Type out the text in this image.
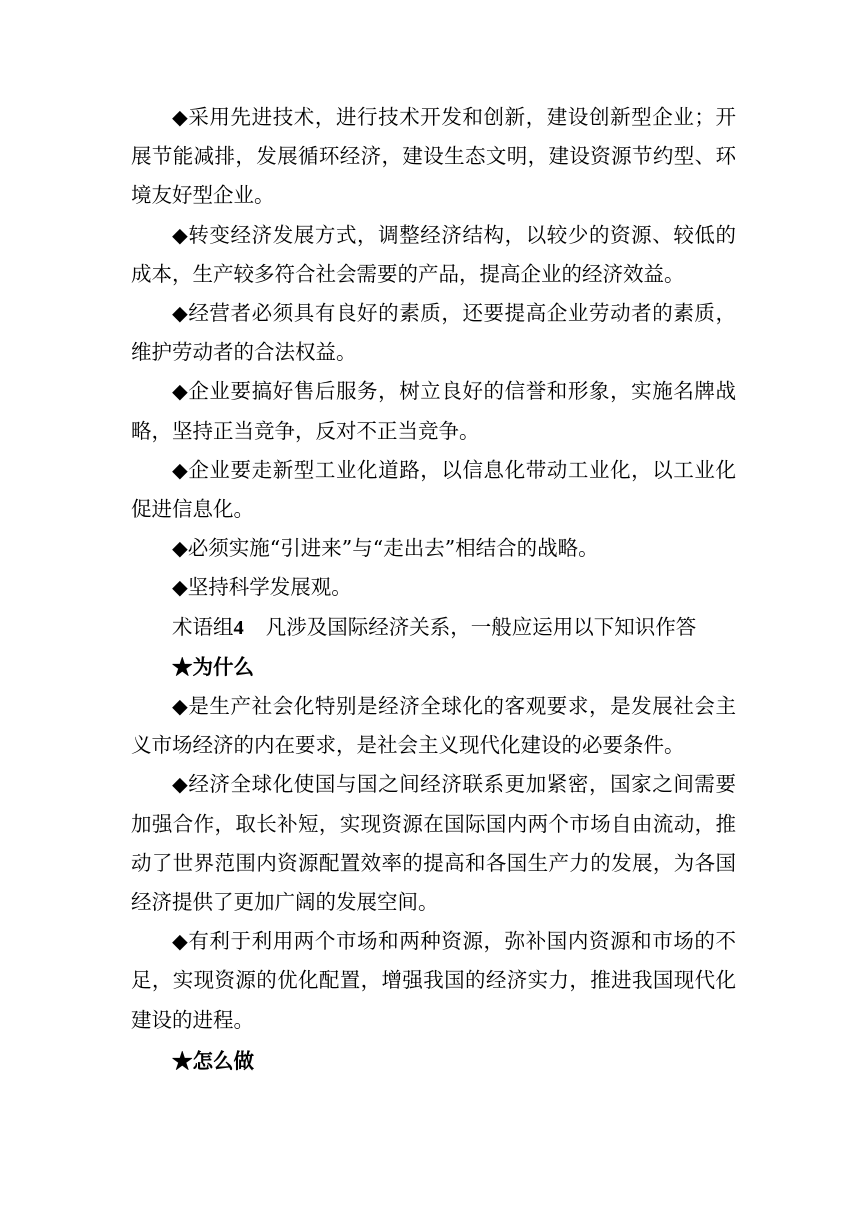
◆采用先进技术，进行技术开发和创新，建设创新型企业；开展节能减排，发展循环经济，建设生态文明，建设资源节约型、环境友好型企业。

◆转变经济发展方式，调整经济结构，以较少的资源、较低的成本，生产较多符合社会需要的产品，提高企业的经济效益。

◆经营者必须具有良好的素质，还要提高企业劳动者的素质，维护劳动者的合法权益。

◆企业要搞好售后服务，树立良好的信誉和形象，实施名牌战略，坚持正当竞争，反对不正当竞争。

◆企业要走新型工业化道路，以信息化带动工业化，以工业化促进信息化。

◆必须实施“引进来”与“走出去”相结合的战略。

◆坚持科学发展观。

术语组4 凡涉及国际经济关系，一般应运用以下知识作答

★为什么

◆是生产社会化特别是经济全球化的客观要求，是发展社会主义市场经济的内在要求，是社会主义现代化建设的必要条件。

◆经济全球化使国与国之间经济联系更加紧密，国家之间需要加强合作，取长补短，实现资源在国际国内两个市场自由流动，推动了世界范围内资源配置效率的提高和各国生产力的发展，为各国经济提供了更加广阔的发展空间。

◆有利于利用两个市场和两种资源，弥补国内资源和市场的不足，实现资源的优化配置，增强我国的经济实力，推进我国现代化建设的进程。

★怎么做
